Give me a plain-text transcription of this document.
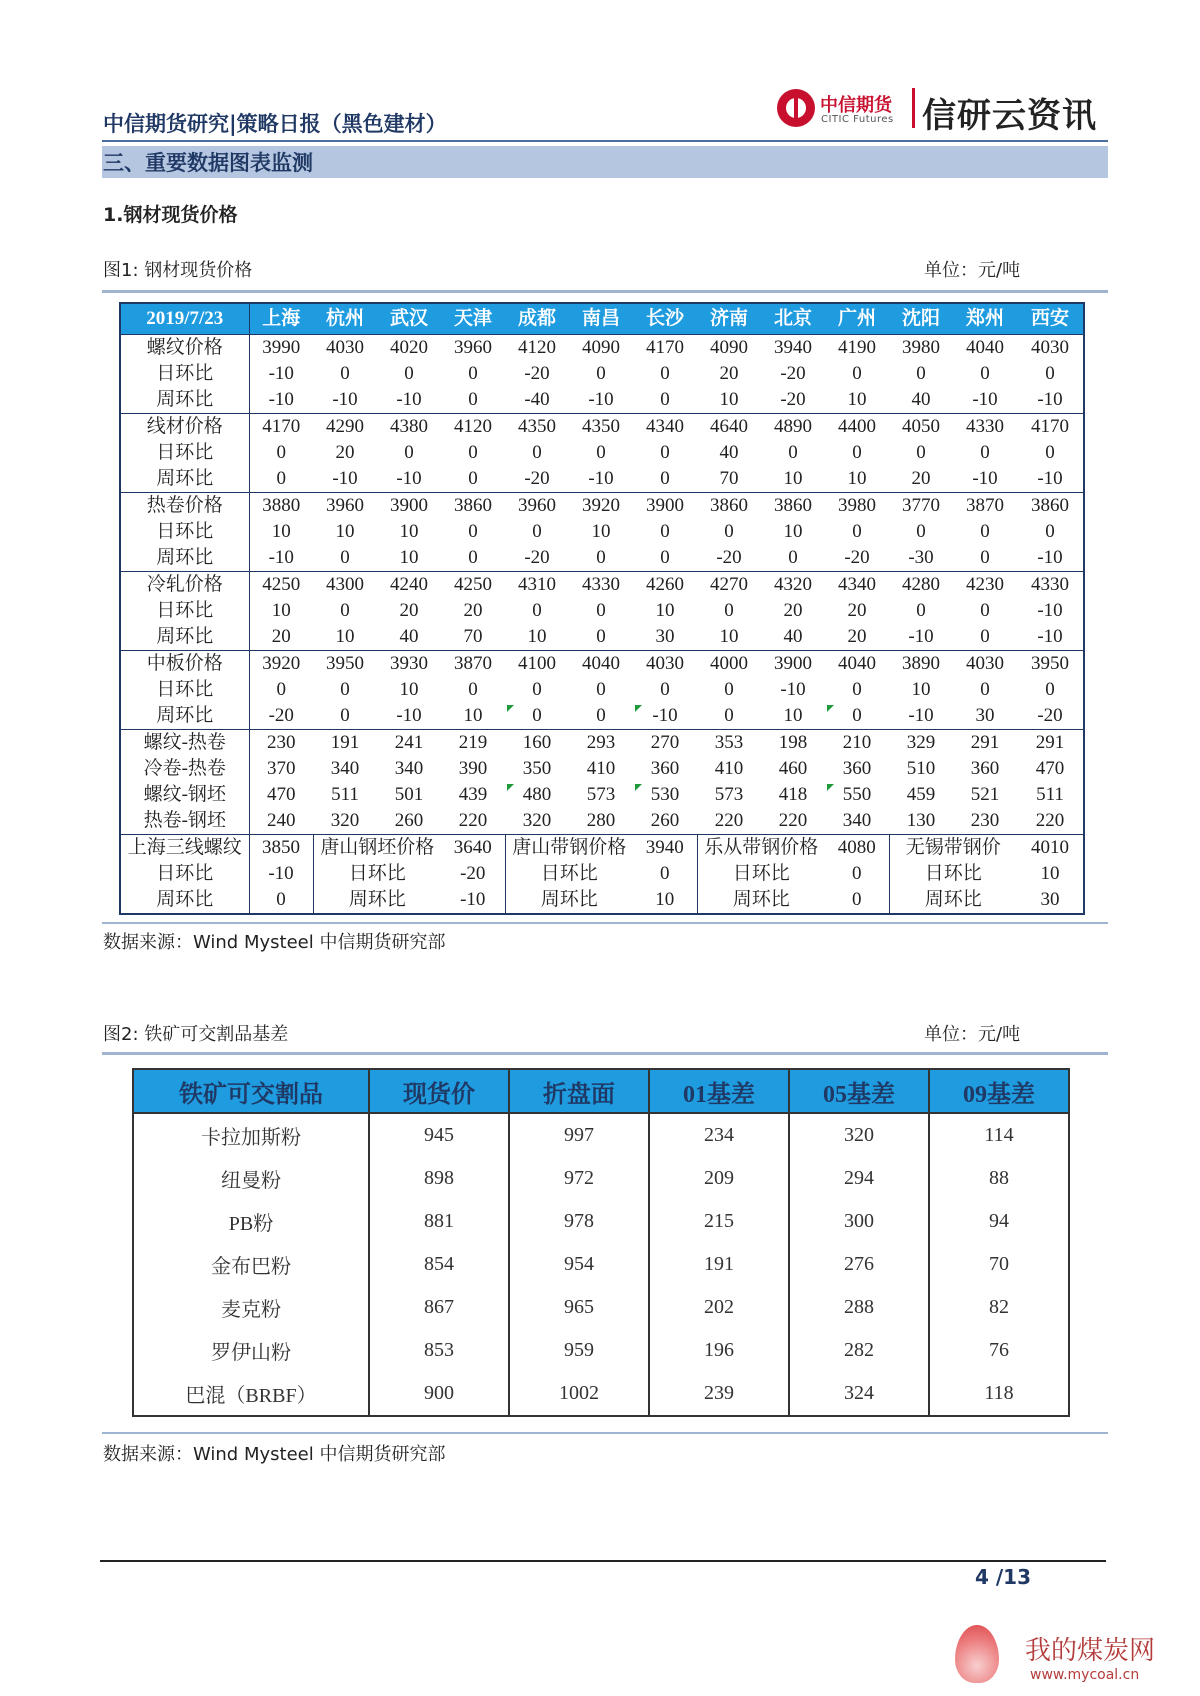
中信期货研究|策略日报（黑色建材）
中信期货
CITIC Futures 信研云资讯
三、重要数据图表监测
1.钢材现货价格
图1: 钢材现货价格	单位：元/吨
2019/7/23	上海	杭州	武汉	天津	成都	南昌	长沙	济南	北京	广州	沈阳	郑州	西安
螺纹价格	3990	4030	4020	3960	4120	4090	4170	4090	3940	4190	3980	4040	4030
日环比	-10	0	0	0	-20	0	0	20	-20	0	0	0	0
周环比	-10	-10	-10	0	-40	-10	0	10	-20	10	40	-10	-10
线材价格	4170	4290	4380	4120	4350	4350	4340	4640	4890	4400	4050	4330	4170
日环比	0	20	0	0	0	0	0	40	0	0	0	0	0
周环比	0	-10	-10	0	-20	-10	0	70	10	10	20	-10	-10
热卷价格	3880	3960	3900	3860	3960	3920	3900	3860	3860	3980	3770	3870	3860
日环比	10	10	10	0	0	10	0	0	10	0	0	0	0
周环比	-10	0	10	0	-20	0	0	-20	0	-20	-30	0	-10
冷轧价格	4250	4300	4240	4250	4310	4330	4260	4270	4320	4340	4280	4230	4330
日环比	10	0	20	20	0	0	10	0	20	20	0	0	-10
周环比	20	10	40	70	10	0	30	10	40	20	-10	0	-10
中板价格	3920	3950	3930	3870	4100	4040	4030	4000	3900	4040	3890	4030	3950
日环比	0	0	10	0	0	0	0	0	-10	0	10	0	0
周环比	-20	0	-10	10	0	0	-10	0	10	0	-10	30	-20
螺纹-热卷	230	191	241	219	160	293	270	353	198	210	329	291	291
冷卷-热卷	370	340	340	390	350	410	360	410	460	360	510	360	470
螺纹-钢坯	470	511	501	439	480	573	530	573	418	550	459	521	511
热卷-钢坯	240	320	260	220	320	280	260	220	220	340	130	230	220
上海三线螺纹	3850	唐山钢坯价格		3640	唐山带钢价格		3940	乐从带钢价格		4080	无锡带钢价		4010
日环比	-10	日环比		-20	日环比		0	日环比		0	日环比		10
周环比	0	周环比		-10	周环比		10	周环比		0	周环比		30
数据来源：Wind Mysteel 中信期货研究部
图2: 铁矿可交割品基差	单位：元/吨
铁矿可交割品	现货价	折盘面	01基差	05基差	09基差
卡拉加斯粉	945	997	234	320	114
纽曼粉	898	972	209	294	88
PB粉	881	978	215	300	94
金布巴粉	854	954	191	276	70
麦克粉	867	965	202	288	82
罗伊山粉	853	959	196	282	76
巴混（BRBF）	900	1002	239	324	118
数据来源：Wind Mysteel 中信期货研究部
4 /13
我的煤炭网
www.mycoal.cn
